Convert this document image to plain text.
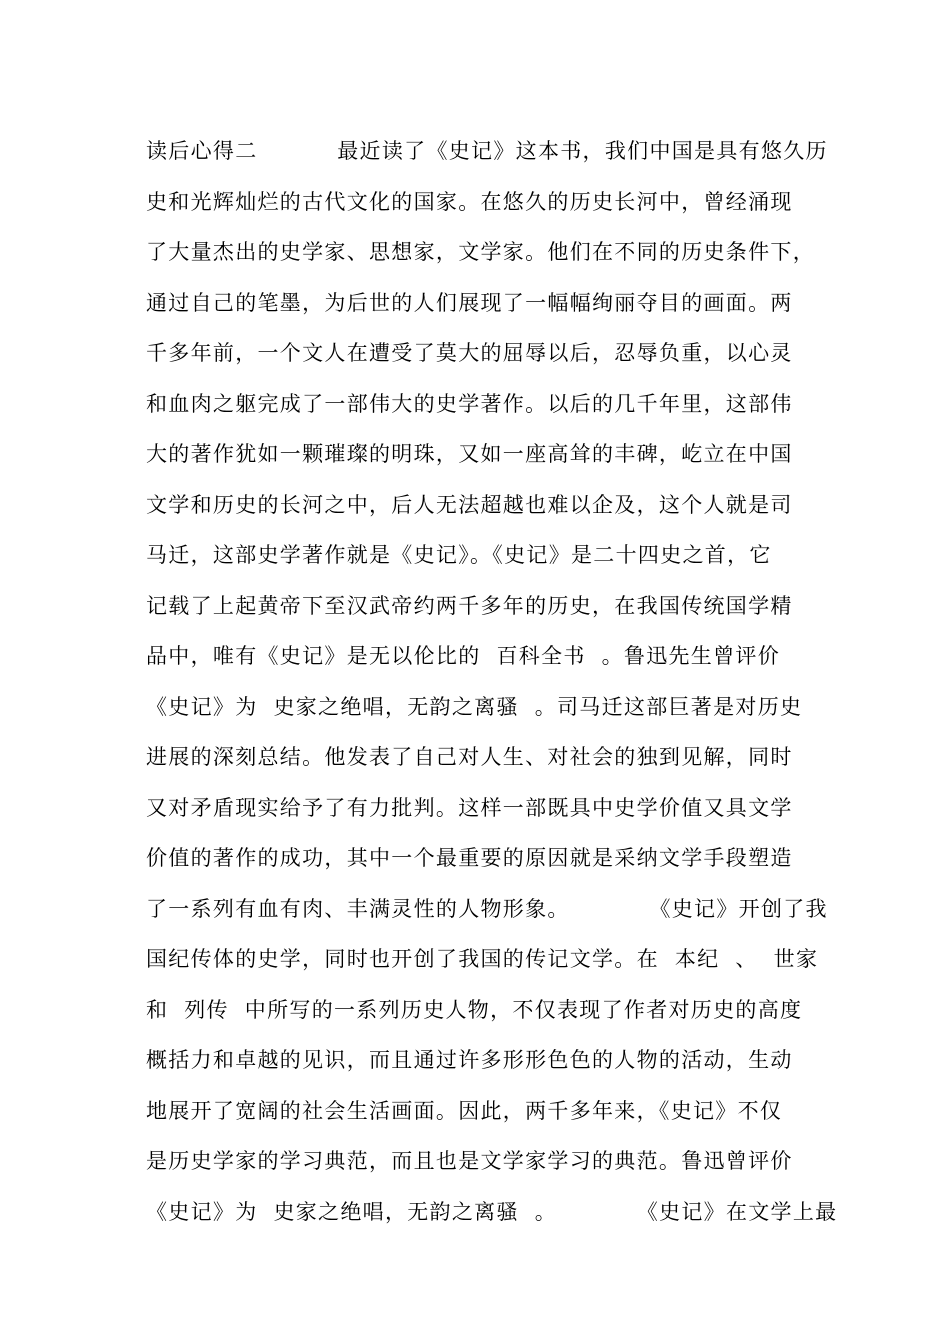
读后心得二          最近读了《史记》这本书，我们中国是具有悠久历
史和光辉灿烂的古代文化的国家。在悠久的历史长河中，曾经涌现
了大量杰出的史学家、思想家，文学家。他们在不同的历史条件下，
通过自己的笔墨，为后世的人们展现了一幅幅绚丽夺目的画面。两
千多年前，一个文人在遭受了莫大的屈辱以后，忍辱负重，以心灵
和血肉之躯完成了一部伟大的史学著作。以后的几千年里，这部伟
大的著作犹如一颗璀璨的明珠，又如一座高耸的丰碑，屹立在中国
文学和历史的长河之中，后人无法超越也难以企及，这个人就是司
马迁，这部史学著作就是《史记》。《史记》是二十四史之首，它
记载了上起黄帝下至汉武帝约两千多年的历史，在我国传统国学精
品中，唯有《史记》是无以伦比的  百科全书  。鲁迅先生曾评价
《史记》为  史家之绝唱，无韵之离骚  。司马迁这部巨著是对历史
进展的深刻总结。他发表了自己对人生、对社会的独到见解，同时
又对矛盾现实给予了有力批判。这样一部既具中史学价值又具文学
价值的著作的成功，其中一个最重要的原因就是采纳文学手段塑造
了一系列有血有肉、丰满灵性的人物形象。          《史记》开创了我
国纪传体的史学，同时也开创了我国的传记文学。在  本纪  、  世家
和  列传  中所写的一系列历史人物，不仅表现了作者对历史的高度
概括力和卓越的见识，而且通过许多形形色色的人物的活动，生动
地展开了宽阔的社会生活画面。因此，两千多年来，《史记》不仅
是历史学家的学习典范，而且也是文学家学习的典范。鲁迅曾评价
《史记》为  史家之绝唱，无韵之离骚  。          《史记》在文学上最
